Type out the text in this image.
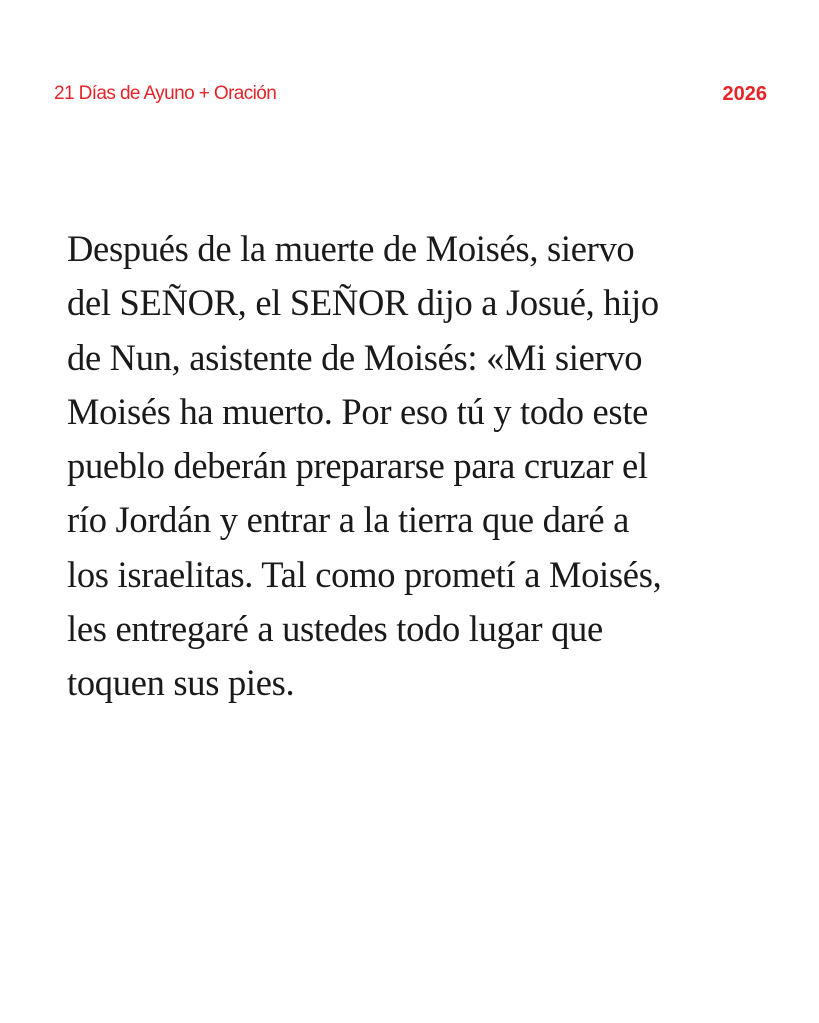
21 Días de Ayuno + Oración	2026
Después de la muerte de Moisés, siervo
del SEÑOR, el SEÑOR dijo a Josué, hijo
de Nun, asistente de Moisés: «Mi siervo
Moisés ha muerto. Por eso tú y todo este
pueblo deberán prepararse para cruzar el
río Jordán y entrar a la tierra que daré a
los israelitas. Tal como prometí a Moisés,
les entregaré a ustedes todo lugar que
toquen sus pies.
